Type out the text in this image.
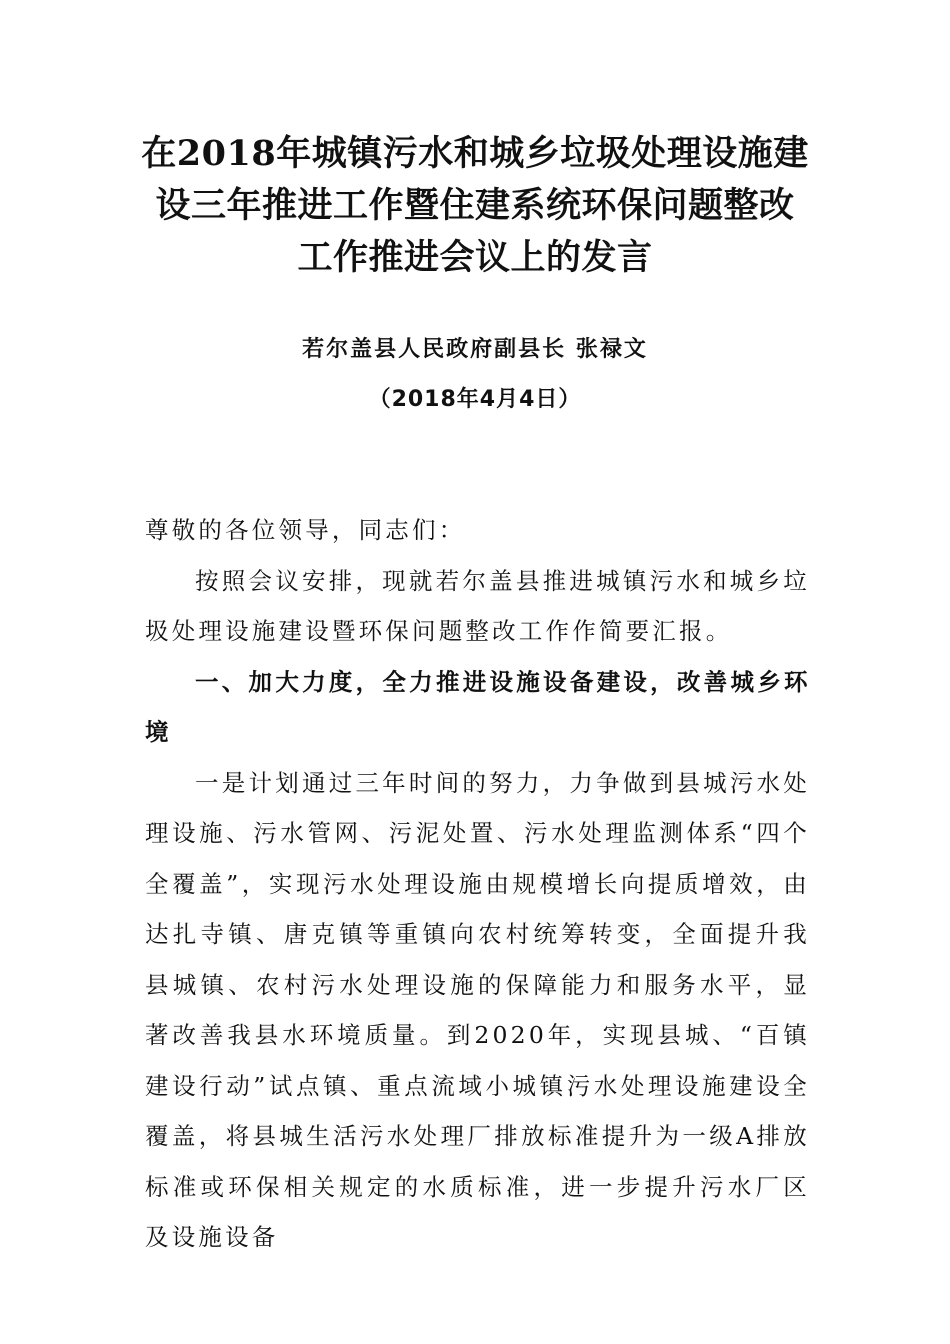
在2018年城镇污水和城乡垃圾处理设施建
设三年推进工作暨住建系统环保问题整改
工作推进会议上的发言
若尔盖县人民政府副县长 张禄文
（2018年4月4日）

尊敬的各位领导，同志们：

按照会议安排，现就若尔盖县推进城镇污水和城乡垃圾处理设施建设暨环保问题整改工作作简要汇报。

一、加大力度，全力推进设施设备建设，改善城乡环境

一是计划通过三年时间的努力，力争做到县城污水处理设施、污水管网、污泥处置、污水处理监测体系“四个全覆盖”，实现污水处理设施由规模增长向提质增效，由达扎寺镇、唐克镇等重镇向农村统筹转变，全面提升我县城镇、农村污水处理设施的保障能力和服务水平，显著改善我县水环境质量。到2020年，实现县城、“百镇建设行动”试点镇、重点流域小城镇污水处理设施建设全覆盖，将县城生活污水处理厂排放标准提升为一级A排放标准或环保相关规定的水质标准，进一步提升污水厂区及设施设备
